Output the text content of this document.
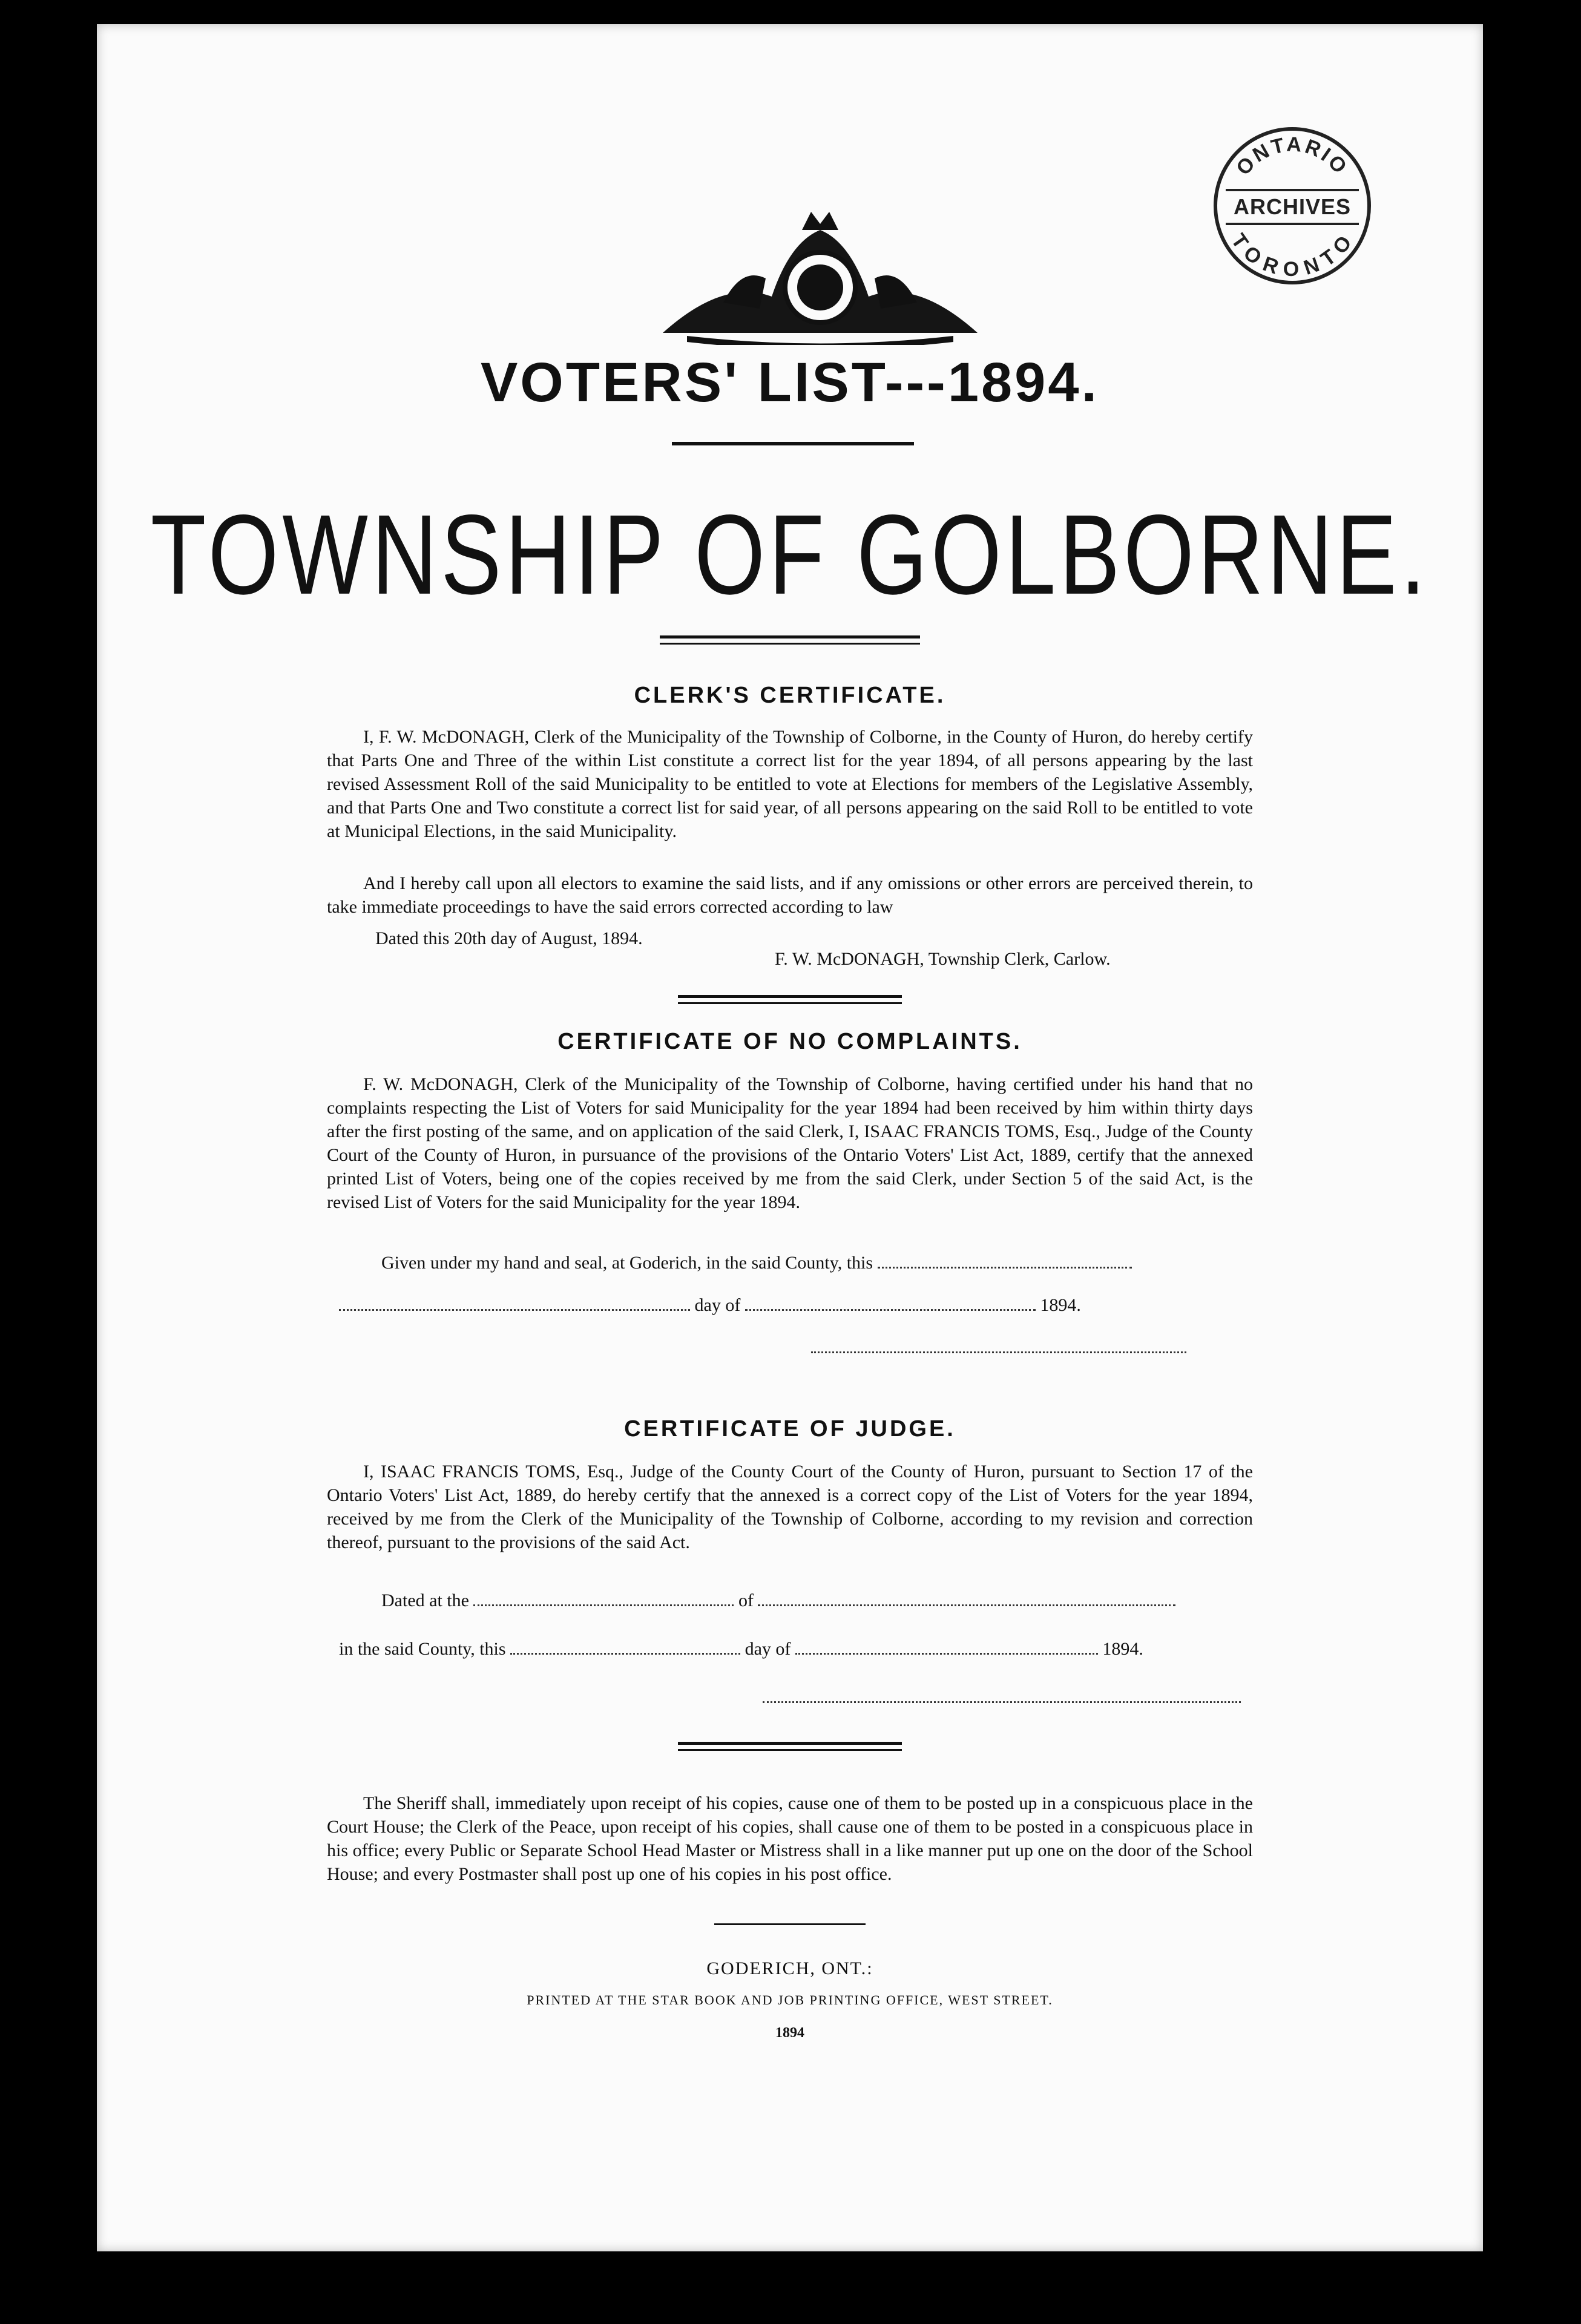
ONTARIO
TORONTO
ARCHIVES
VOTERS' LIST---1894.
TOWNSHIP OF GOLBORNE.
CLERK'S CERTIFICATE.
I, F. W. McDONAGH, Clerk of the Municipality of the Township of Colborne, in the County of Huron, do hereby certify that Parts One and Three of the within List constitute a correct list for the year 1894, of all persons appearing by the last revised Assessment Roll of the said Municipality to be entitled to vote at Elections for members of the Legislative Assembly, and that Parts One and Two constitute a correct list for said year, of all persons appearing on the said Roll to be entitled to vote at Municipal Elections, in the said Municipality.
And I hereby call upon all electors to examine the said lists, and if any omissions or other errors are perceived therein, to take immediate proceedings to have the said errors corrected according to law
Dated this 20th day of August, 1894.
F. W. McDONAGH, Township Clerk, Carlow.
CERTIFICATE OF NO COMPLAINTS.
F. W. McDONAGH, Clerk of the Municipality of the Township of Colborne, having certified under his hand that no complaints respecting the List of Voters for said Municipality for the year 1894 had been received by him within thirty days after the first posting of the same, and on application of the said Clerk, I, ISAAC FRANCIS TOMS, Esq., Judge of the County Court of the County of Huron, in pursuance of the provisions of the Ontario Voters' List Act, 1889, certify that the annexed printed List of Voters, being one of the copies received by me from the said Clerk, under Section 5 of the said Act, is the revised List of Voters for the said Municipality for the year 1894.
Given under my hand and seal, at Goderich, in the said County, this
day of	1894.
CERTIFICATE OF JUDGE.
I, ISAAC FRANCIS TOMS, Esq., Judge of the County Court of the County of Huron, pursuant to Section 17 of the Ontario Voters' List Act, 1889, do hereby certify that the annexed is a correct copy of the List of Voters for the year 1894, received by me from the Clerk of the Municipality of the Township of Colborne, according to my revision and correction thereof, pursuant to the provisions of the said Act.
Dated at the	of
in the said County, this	day of	1894.
The Sheriff shall, immediately upon receipt of his copies, cause one of them to be posted up in a conspicuous place in the Court House; the Clerk of the Peace, upon receipt of his copies, shall cause one of them to be posted in a conspicuous place in his office; every Public or Separate School Head Master or Mistress shall in a like manner put up one on the door of the School House; and every Postmaster shall post up one of his copies in his post office.
GODERICH, ONT.:
PRINTED AT THE STAR BOOK AND JOB PRINTING OFFICE, WEST STREET.
1894
